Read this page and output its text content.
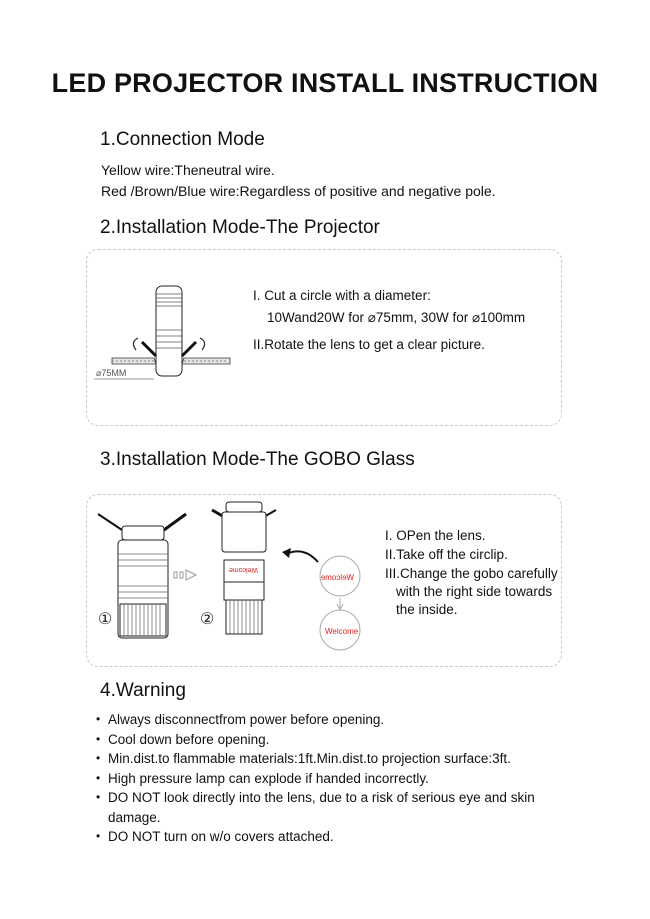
LED PROJECTOR INSTALL INSTRUCTION
1.Connection Mode
Yellow wire:Theneutral wire.
Red /Brown/Blue wire:Regardless of positive and negative pole.
2.Installation Mode-The Projector
⌀75MM
I. Cut a circle with a diameter:
10Wand20W for ⌀75mm, 30W for ⌀100mm
II.Rotate the lens to get a clear picture.
3.Installation Mode-The GOBO Glass
①
Welcome
②
Welcome
Welcome
I. OPen the lens.
II.Take off the circlip.
III.Change the gobo carefully
with the right side towards
the inside.
4.Warning
• Always disconnectfrom power before opening.
• Cool down before opening.
• Min.dist.to flammable materials:1ft.Min.dist.to projection surface:3ft.
• High pressure lamp can explode if handed incorrectly.
• DO NOT look directly into the lens, due to a risk of serious eye and skin damage.
• DO NOT turn on w/o covers attached.
